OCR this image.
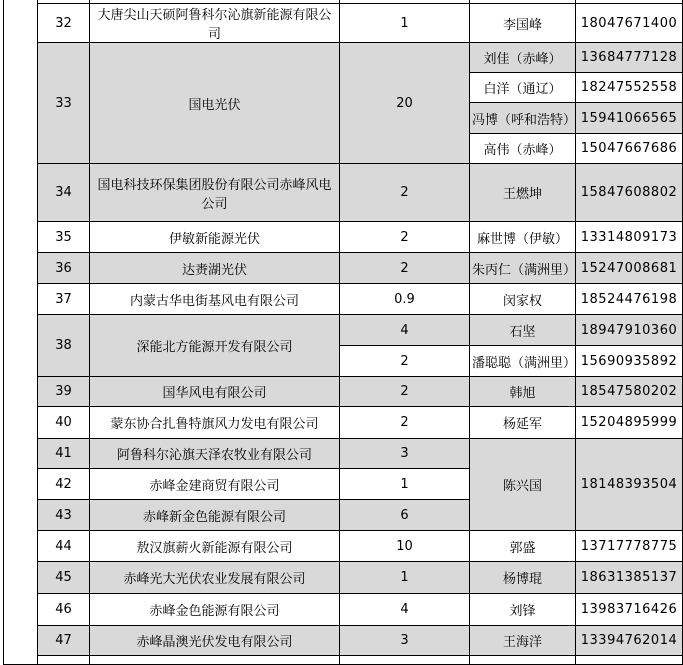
	32	大唐尖山天硕阿鲁科尔沁旗新能源有限公司	1	李国峰	18047671400
	33	国电光伏	20	刘佳（赤峰）	13684777128
				白洋（通辽）	18247552558
				冯博（呼和浩特）	15941066565
				高伟（赤峰）	15047667686
	34	国电科技环保集团股份有限公司赤峰风电公司	2	王燃坤	15847608802
	35	伊敏新能源光伏	2	麻世博（伊敏）	13314809173
	36	达赉湖光伏	2	朱丙仁（满洲里）	15247008681
	37	内蒙古华电街基风电有限公司	0.9	闵家权	18524476198
	38	深能北方能源开发有限公司	4	石坚	18947910360
			2	潘聪聪（满洲里）	15690935892
	39	国华风电有限公司	2	韩旭	18547580202
	40	蒙东协合扎鲁特旗风力发电有限公司	2	杨延军	15204895999
	41	阿鲁科尔沁旗天泽农牧业有限公司	3	陈兴国	18148393504
	42	赤峰金建商贸有限公司	1		
	43	赤峰新金色能源有限公司	6		
	44	敖汉旗薪火新能源有限公司	10	郭盛	13717778775
	45	赤峰光大光伏农业发展有限公司	1	杨博琨	18631385137
	46	赤峰金色能源有限公司	4	刘锋	13983716426
	47	赤峰晶澳光伏发电有限公司	3	王海洋	13394762014
